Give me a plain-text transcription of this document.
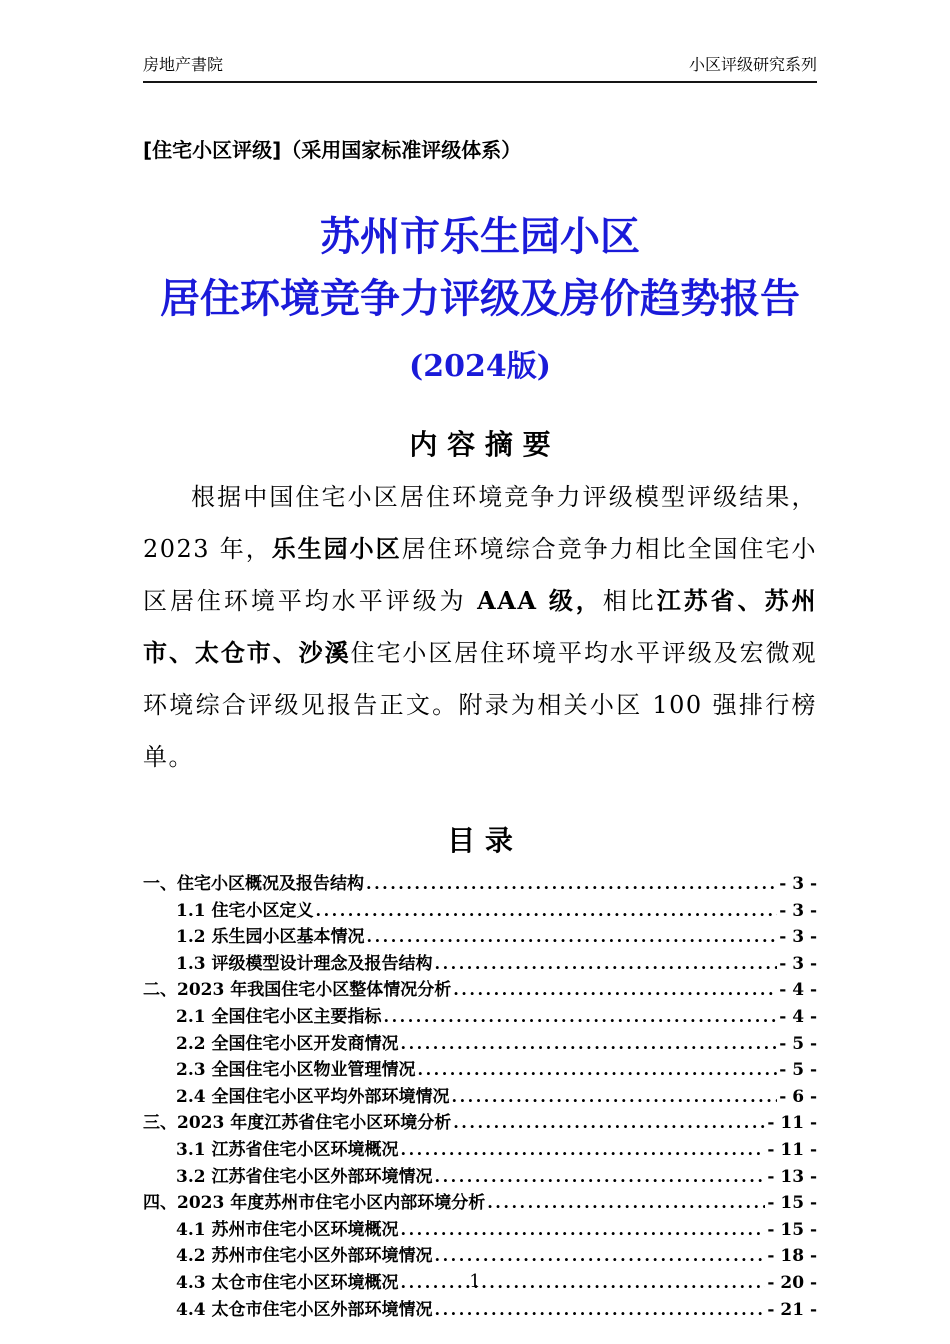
房地产書院	小区评级研究系列
[住宅小区评级]（采用国家标准评级体系）
苏州市乐生园小区
居住环境竞争力评级及房价趋势报告
(2024版)
内 容 摘 要

根据中国住宅小区居住环境竞争力评级模型评级结果，2023 年，乐生园小区居住环境综合竞争力相比全国住宅小区居住环境平均水平评级为 AAA 级，相比江苏省、苏州市、太仓市、沙溪住宅小区居住环境平均水平评级及宏微观环境综合评级见报告正文。附录为相关小区 100 强排行榜单。

目 录
一、住宅小区概况及报告结构 .....	- 3 -
1.1 住宅小区定义 .....	- 3 -
1.2 乐生园小区基本情况 .....	- 3 -
1.3 评级模型设计理念及报告结构 .....	- 3 -
二、2023 年我国住宅小区整体情况分析 .....	- 4 -
2.1 全国住宅小区主要指标 .....	- 4 -
2.2 全国住宅小区开发商情况 .....	- 5 -
2.3 全国住宅小区物业管理情况 .....	- 5 -
2.4 全国住宅小区平均外部环境情况 .....	- 6 -
三、2023 年度江苏省住宅小区环境分析 .....	- 11 -
3.1 江苏省住宅小区环境概况 .....	- 11 -
3.2 江苏省住宅小区外部环境情况 .....	- 13 -
四、2023 年度苏州市住宅小区内部环境分析 .....	- 15 -
4.1 苏州市住宅小区环境概况 .....	- 15 -
4.2 苏州市住宅小区外部环境情况 .....	- 18 -
4.3 太仓市住宅小区环境概况 .....	- 20 -
4.4 太仓市住宅小区外部环境情况 .....	- 21 -
1
